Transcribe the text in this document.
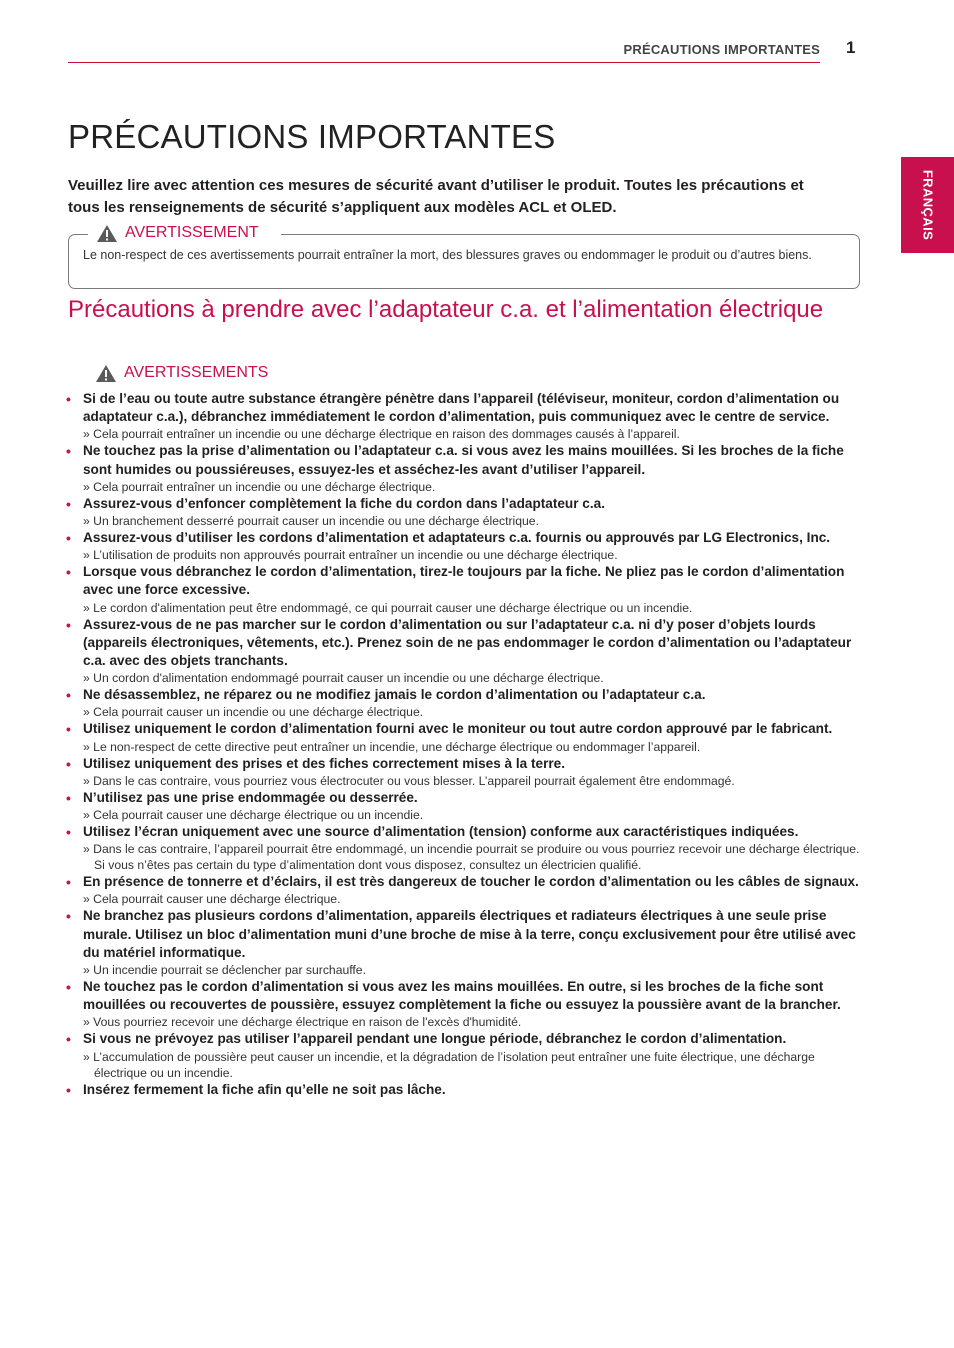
PRÉCAUTIONS IMPORTANTES 1
FRANÇAIS
PRÉCAUTIONS IMPORTANTES
Veuillez lire avec attention ces mesures de sécurité avant d’utiliser le produit. Toutes les précautions et tous les renseignements de sécurité s’appliquent aux modèles ACL et OLED.
AVERTISSEMENT
Le non-respect de ces avertissements pourrait entraîner la mort, des blessures graves ou endommager le produit ou d’autres biens.
Précautions à prendre avec l’adaptateur c.a. et l’alimentation électrique
AVERTISSEMENTS
• Si de l’eau ou toute autre substance étrangère pénètre dans l’appareil (téléviseur, moniteur, cordon d’alimentation ou adaptateur c.a.), débranchez immédiatement le cordon d’alimentation, puis communiquez avec le centre de service.
» Cela pourrait entraîner un incendie ou une décharge électrique en raison des dommages causés à l’appareil.
• Ne touchez pas la prise d’alimentation ou l’adaptateur c.a. si vous avez les mains mouillées. Si les broches de la fiche sont humides ou poussiéreuses, essuyez-les et asséchez-les avant d’utiliser l’appareil.
» Cela pourrait entraîner un incendie ou une décharge électrique.
• Assurez-vous d’enfoncer complètement la fiche du cordon dans l’adaptateur c.a.
» Un branchement desserré pourrait causer un incendie ou une décharge électrique.
• Assurez-vous d’utiliser les cordons d’alimentation et adaptateurs c.a. fournis ou approuvés par LG Electronics, Inc.
» L’utilisation de produits non approuvés pourrait entraîner un incendie ou une décharge électrique.
• Lorsque vous débranchez le cordon d’alimentation, tirez-le toujours par la fiche. Ne pliez pas le cordon d’alimentation avec une force excessive.
» Le cordon d'alimentation peut être endommagé, ce qui pourrait causer une décharge électrique ou un incendie.
• Assurez-vous de ne pas marcher sur le cordon d’alimentation ou sur l’adaptateur c.a. ni d’y poser d’objets lourds (appareils électroniques, vêtements, etc.). Prenez soin de ne pas endommager le cordon d’alimentation ou l’adaptateur c.a. avec des objets tranchants.
» Un cordon d'alimentation endommagé pourrait causer un incendie ou une décharge électrique.
• Ne désassemblez, ne réparez ou ne modifiez jamais le cordon d’alimentation ou l’adaptateur c.a.
» Cela pourrait causer un incendie ou une décharge électrique.
• Utilisez uniquement le cordon d’alimentation fourni avec le moniteur ou tout autre cordon approuvé par le fabricant.
» Le non-respect de cette directive peut entraîner un incendie, une décharge électrique ou endommager l’appareil.
• Utilisez uniquement des prises et des fiches correctement mises à la terre.
» Dans le cas contraire, vous pourriez vous électrocuter ou vous blesser. L’appareil pourrait également être endommagé.
• N’utilisez pas une prise endommagée ou desserrée.
» Cela pourrait causer une décharge électrique ou un incendie.
• Utilisez l’écran uniquement avec une source d’alimentation (tension) conforme aux caractéristiques indiquées.
» Dans le cas contraire, l’appareil pourrait être endommagé, un incendie pourrait se produire ou vous pourriez recevoir une décharge électrique. Si vous n’êtes pas certain du type d’alimentation dont vous disposez, consultez un électricien qualifié.
• En présence de tonnerre et d’éclairs, il est très dangereux de toucher le cordon d’alimentation ou les câbles de signaux.
» Cela pourrait causer une décharge électrique.
• Ne branchez pas plusieurs cordons d’alimentation, appareils électriques et radiateurs électriques à une seule prise murale. Utilisez un bloc d’alimentation muni d’une broche de mise à la terre, conçu exclusivement pour être utilisé avec du matériel informatique.
» Un incendie pourrait se déclencher par surchauffe.
• Ne touchez pas le cordon d’alimentation si vous avez les mains mouillées. En outre, si les broches de la fiche sont mouillées ou recouvertes de poussière, essuyez complètement la fiche ou essuyez la poussière avant de la brancher.
» Vous pourriez recevoir une décharge électrique en raison de l'excès d'humidité.
• Si vous ne prévoyez pas utiliser l’appareil pendant une longue période, débranchez le cordon d’alimentation.
» L’accumulation de poussière peut causer un incendie, et la dégradation de l’isolation peut entraîner une fuite électrique, une décharge électrique ou un incendie.
• Insérez fermement la fiche afin qu’elle ne soit pas lâche.
